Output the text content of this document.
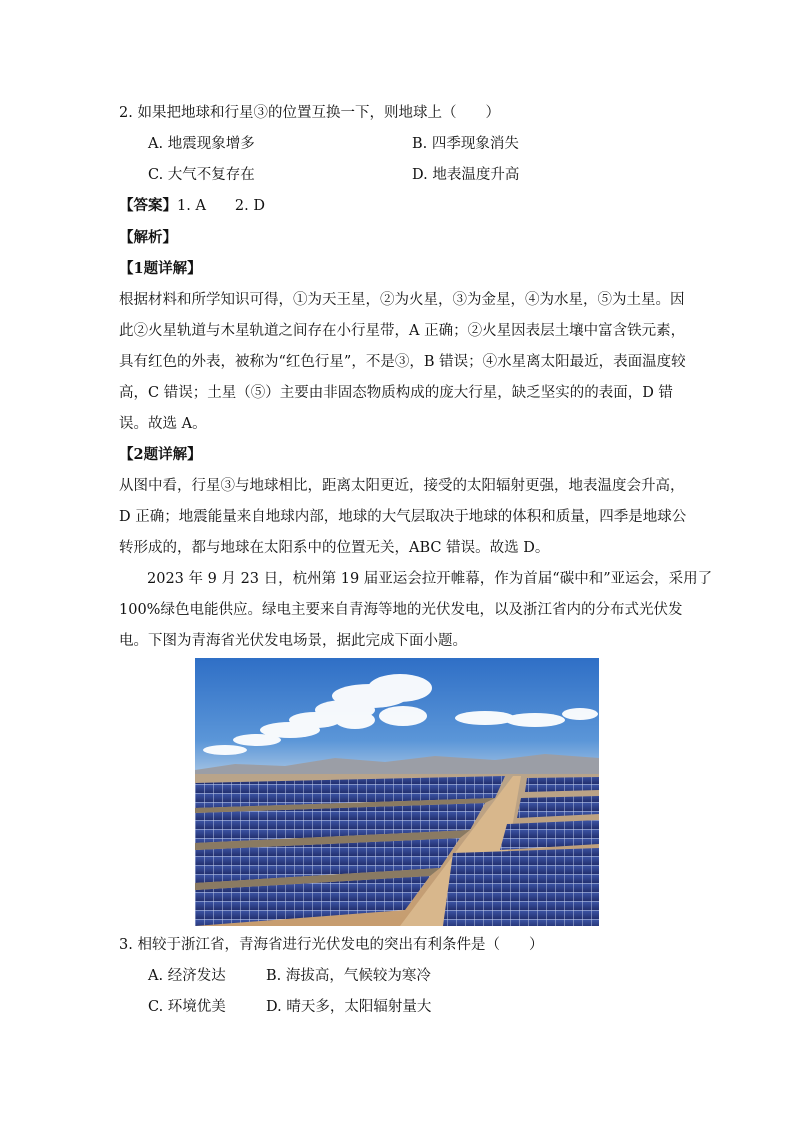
2. 如果把地球和行星③的位置互换一下，则地球上（　　）
A. 地震现象增多	B. 四季现象消失
C. 大气不复存在	D. 地表温度升高
【答案】1. A　　2. D
【解析】
【1题详解】
根据材料和所学知识可得，①为天王星，②为火星，③为金星，④为水星，⑤为土星。因
此②火星轨道与木星轨道之间存在小行星带，A 正确；②火星因表层土壤中富含铁元素，
具有红色的外表，被称为“红色行星”，不是③，B 错误；④水星离太阳最近，表面温度较
高，C 错误；土星（⑤）主要由非固态物质构成的庞大行星，缺乏坚实的的表面，D 错
误。故选 A。
【2题详解】
从图中看，行星③与地球相比，距离太阳更近，接受的太阳辐射更强，地表温度会升高，
D 正确；地震能量来自地球内部，地球的大气层取决于地球的体积和质量，四季是地球公
转形成的，都与地球在太阳系中的位置无关，ABC 错误。故选 D。
2023 年 9 月 23 日，杭州第 19 届亚运会拉开帷幕，作为首届“碳中和”亚运会，采用了
100%绿色电能供应。绿电主要来自青海等地的光伏发电，以及浙江省内的分布式光伏发
电。下图为青海省光伏发电场景，据此完成下面小题。
3. 相较于浙江省，青海省进行光伏发电的突出有利条件是（　　）
A. 经济发达	B. 海拔高，气候较为寒冷
C. 环境优美	D. 晴天多，太阳辐射量大
